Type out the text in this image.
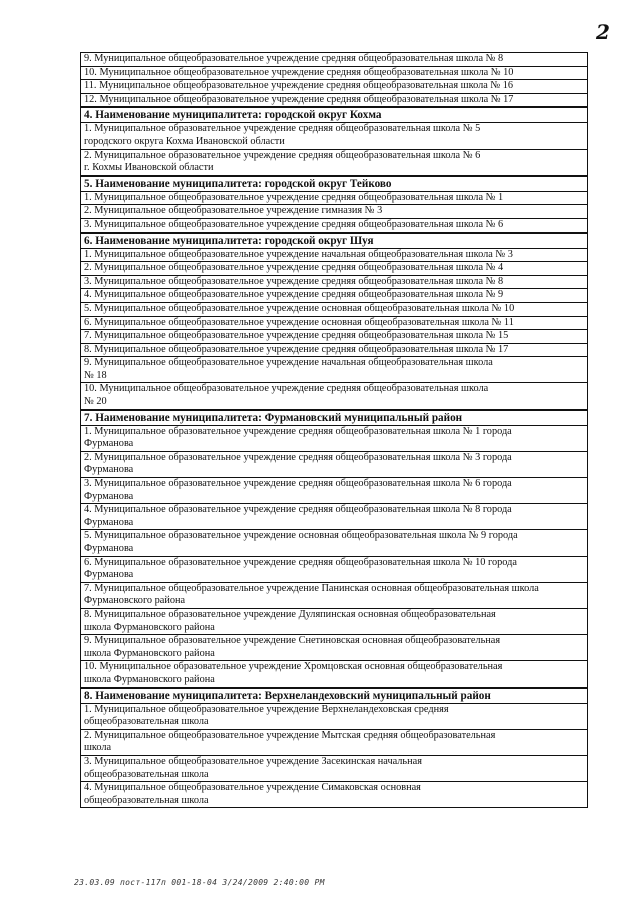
2
9. Муниципальное общеобразовательное учреждение средняя общеобразовательная школа № 8
10. Муниципальное общеобразовательное учреждение средняя общеобразовательная школа № 10
11. Муниципальное общеобразовательное учреждение средняя общеобразовательная школа № 16
12. Муниципальное общеобразовательное учреждение средняя общеобразовательная школа № 17
4. Наименование муниципалитета: городской округ Кохма

1. Муниципальное образовательное учреждение средняя общеобразовательная школа № 5
городского округа Кохма Ивановской области

2. Муниципальное образовательное учреждение средняя общеобразовательная школа № 6
г. Кохмы Ивановской области

5. Наименование муниципалитета: городской округ Тейково
1. Муниципальное общеобразовательное учреждение средняя общеобразовательная школа № 1
2. Муниципальное общеобразовательное учреждение гимназия № 3
3. Муниципальное общеобразовательное учреждение средняя общеобразовательная школа № 6
6. Наименование муниципалитета: городской округ Шуя
1. Муниципальное общеобразовательное учреждение начальная общеобразовательная школа № 3
2. Муниципальное общеобразовательное учреждение средняя общеобразовательная школа № 4
3. Муниципальное общеобразовательное учреждение средняя общеобразовательная школа № 8
4. Муниципальное общеобразовательное учреждение средняя общеобразовательная школа № 9
5. Муниципальное общеобразовательное учреждение основная общеобразовательная школа № 10
6. Муниципальное общеобразовательное учреждение основная общеобразовательная школа № 11
7. Муниципальное общеобразовательное учреждение средняя общеобразовательная школа № 15
8. Муниципальное общеобразовательное учреждение средняя общеобразовательная школа № 17

9. Муниципальное общеобразовательное учреждение начальная общеобразовательная школа
№ 18

10. Муниципальное общеобразовательное учреждение средняя общеобразовательная школа
№ 20

7. Наименование муниципалитета: Фурмановский муниципальный район

1. Муниципальное образовательное учреждение средняя общеобразовательная школа № 1 города
Фурманова

2. Муниципальное образовательное учреждение средняя общеобразовательная школа № 3 города
Фурманова

3. Муниципальное образовательное учреждение средняя общеобразовательная школа № 6 города
Фурманова

4. Муниципальное образовательное учреждение средняя общеобразовательная школа № 8 города
Фурманова

5. Муниципальное образовательное учреждение основная общеобразовательная школа № 9 города
Фурманова

6. Муниципальное образовательное учреждение средняя общеобразовательная школа № 10 города
Фурманова

7. Муниципальное общеобразовательное учреждение Панинская основная общеобразовательная школа
Фурмановского района

8. Муниципальное образовательное учреждение Дуляпинская основная общеобразовательная
школа Фурмановского района

9. Муниципальное образовательное учреждение Снетиновская основная общеобразовательная
школа Фурмановского района

10. Муниципальное образовательное учреждение Хромцовская основная общеобразовательная
школа Фурмановского района

8. Наименование муниципалитета: Верхнеландеховский муниципальный район

1. Муниципальное общеобразовательное учреждение Верхнеландеховская средняя
общеобразовательная школа

2. Муниципальное общеобразовательное учреждение Мытская средняя общеобразовательная
школа

3. Муниципальное общеобразовательное учреждение Засекинская начальная
общеобразовательная школа

4. Муниципальное общеобразовательное учреждение Симаковская основная
общеобразовательная школа
23.03.09 пост-117п 001-18-04 3/24/2009 2:40:00 PM
